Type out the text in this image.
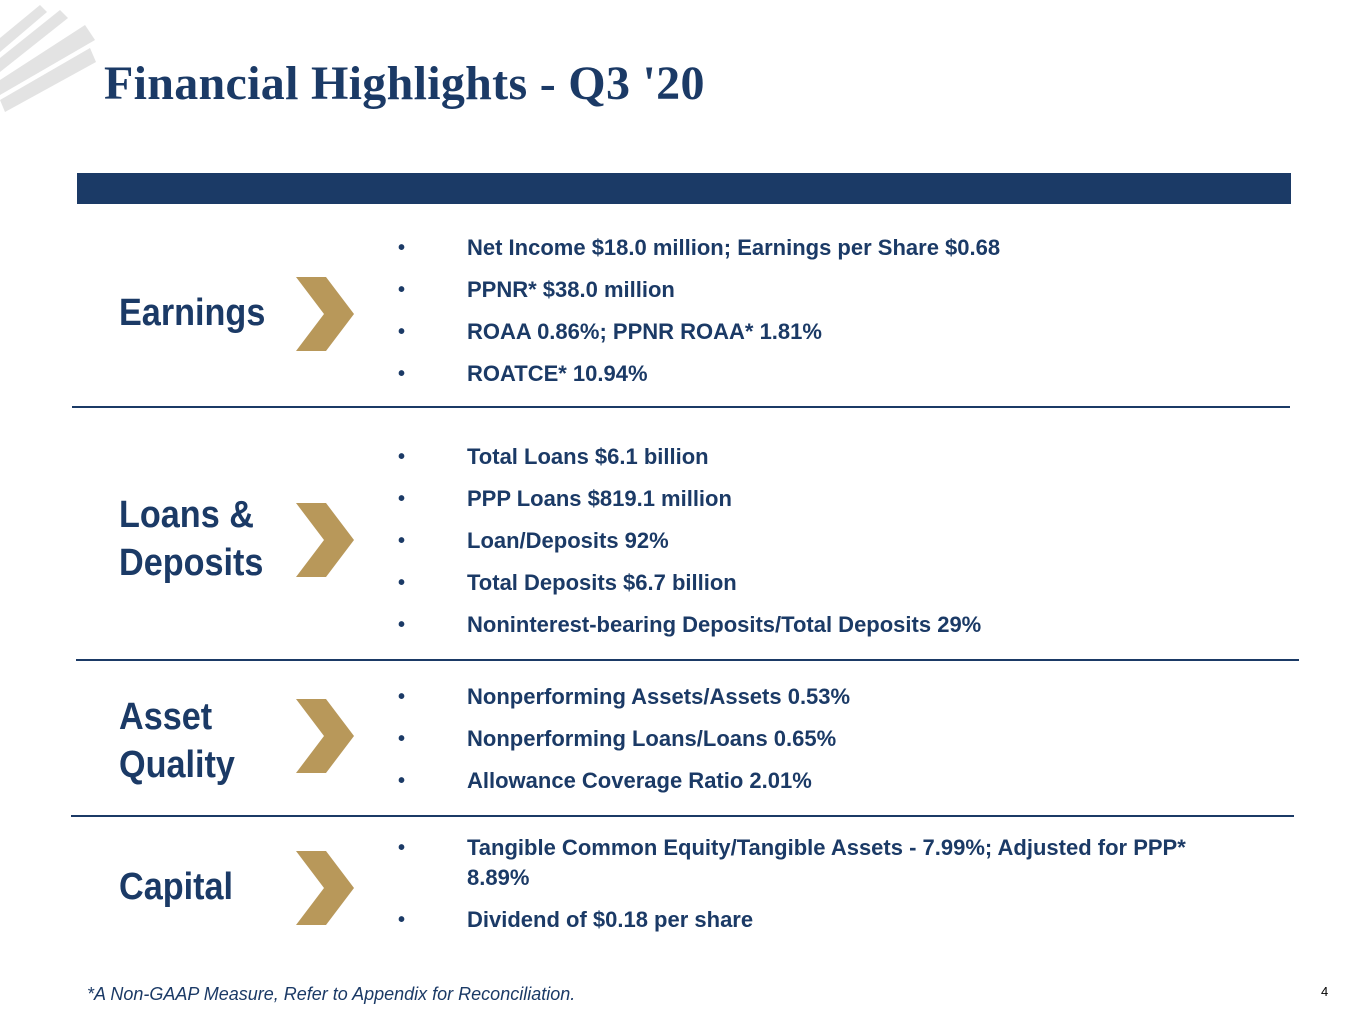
Financial Highlights - Q3 '20
Earnings
•	Net Income $18.0 million; Earnings per Share $0.68
•	PPNR* $38.0 million
•	ROAA 0.86%; PPNR ROAA* 1.81%
•	ROATCE* 10.94%
Loans &
Deposits
•	Total Loans $6.1 billion
•	PPP Loans $819.1 million
•	Loan/Deposits 92%
•	Total Deposits $6.7 billion
•	Noninterest-bearing Deposits/Total Deposits 29%
Asset
Quality
•	Nonperforming Assets/Assets 0.53%
•	Nonperforming Loans/Loans 0.65%
•	Allowance Coverage Ratio 2.01%
Capital
•	Tangible Common Equity/Tangible Assets - 7.99%; Adjusted for PPP* 8.89%
•	Dividend of $0.18 per share
*A Non-GAAP Measure, Refer to Appendix for Reconciliation.	4
